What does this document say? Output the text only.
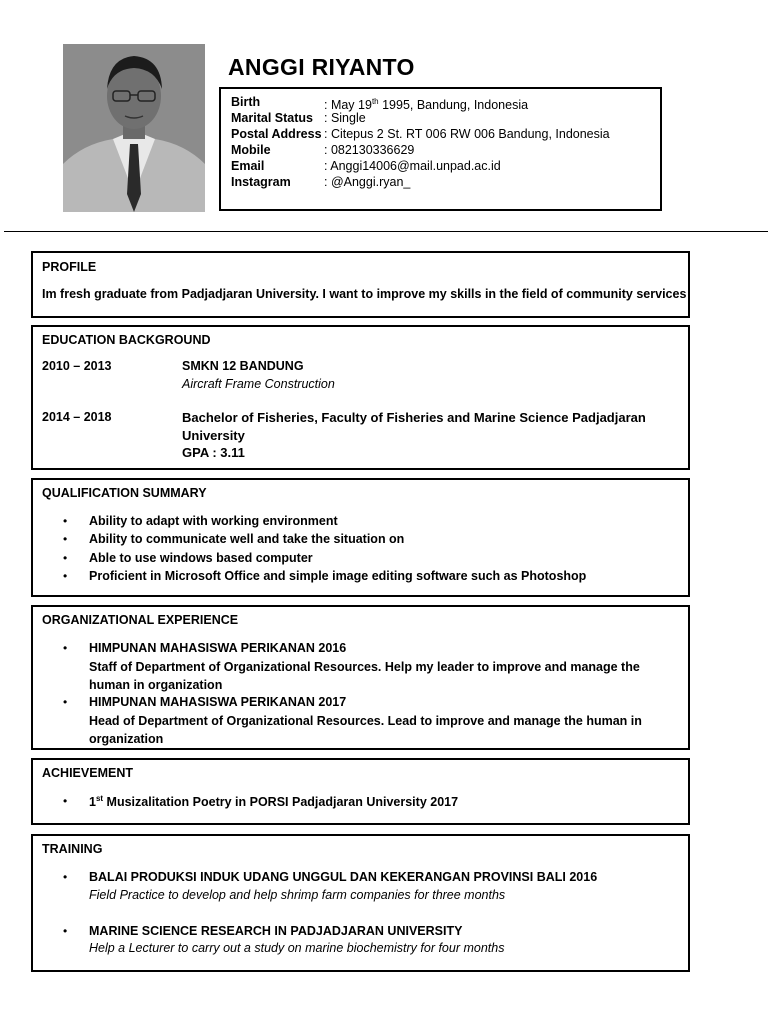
ANGGI RIYANTO
Birth	: May 19th 1995, Bandung, Indonesia
Marital Status : Single
Postal Address : Citepus 2 St. RT 006 RW 006 Bandung, Indonesia
Mobile	: 082130336629
Email	: Anggi14006@mail.unpad.ac.id
Instagram	: @Anggi.ryan_
PROFILE
Im fresh graduate from Padjadjaran University. I want to improve my skills in the field of community services
EDUCATION BACKGROUND
2010 – 2013	SMKN 12 BANDUNG
Aircraft Frame Construction
2014 – 2018	Bachelor of Fisheries, Faculty of Fisheries and Marine Science Padjadjaran University
GPA : 3.11
QUALIFICATION SUMMARY
• Ability to adapt with working environment
• Ability to communicate well and take the situation on
• Able to use windows based computer
• Proficient in Microsoft Office and simple image editing software such as Photoshop
ORGANIZATIONAL EXPERIENCE
• HIMPUNAN MAHASISWA PERIKANAN 2016
Staff of Department of Organizational Resources. Help my leader to improve and manage the human in organization
• HIMPUNAN MAHASISWA PERIKANAN 2017
Head of Department of Organizational Resources. Lead to improve and manage the human in organization
ACHIEVEMENT
• 1st Musizalitation Poetry in PORSI Padjadjaran University 2017
TRAINING
• BALAI PRODUKSI INDUK UDANG UNGGUL DAN KEKERANGAN PROVINSI BALI 2016
Field Practice to develop and help shrimp farm companies for three months
• MARINE SCIENCE RESEARCH IN PADJADJARAN UNIVERSITY
Help a Lecturer to carry out a study on marine biochemistry for four months
